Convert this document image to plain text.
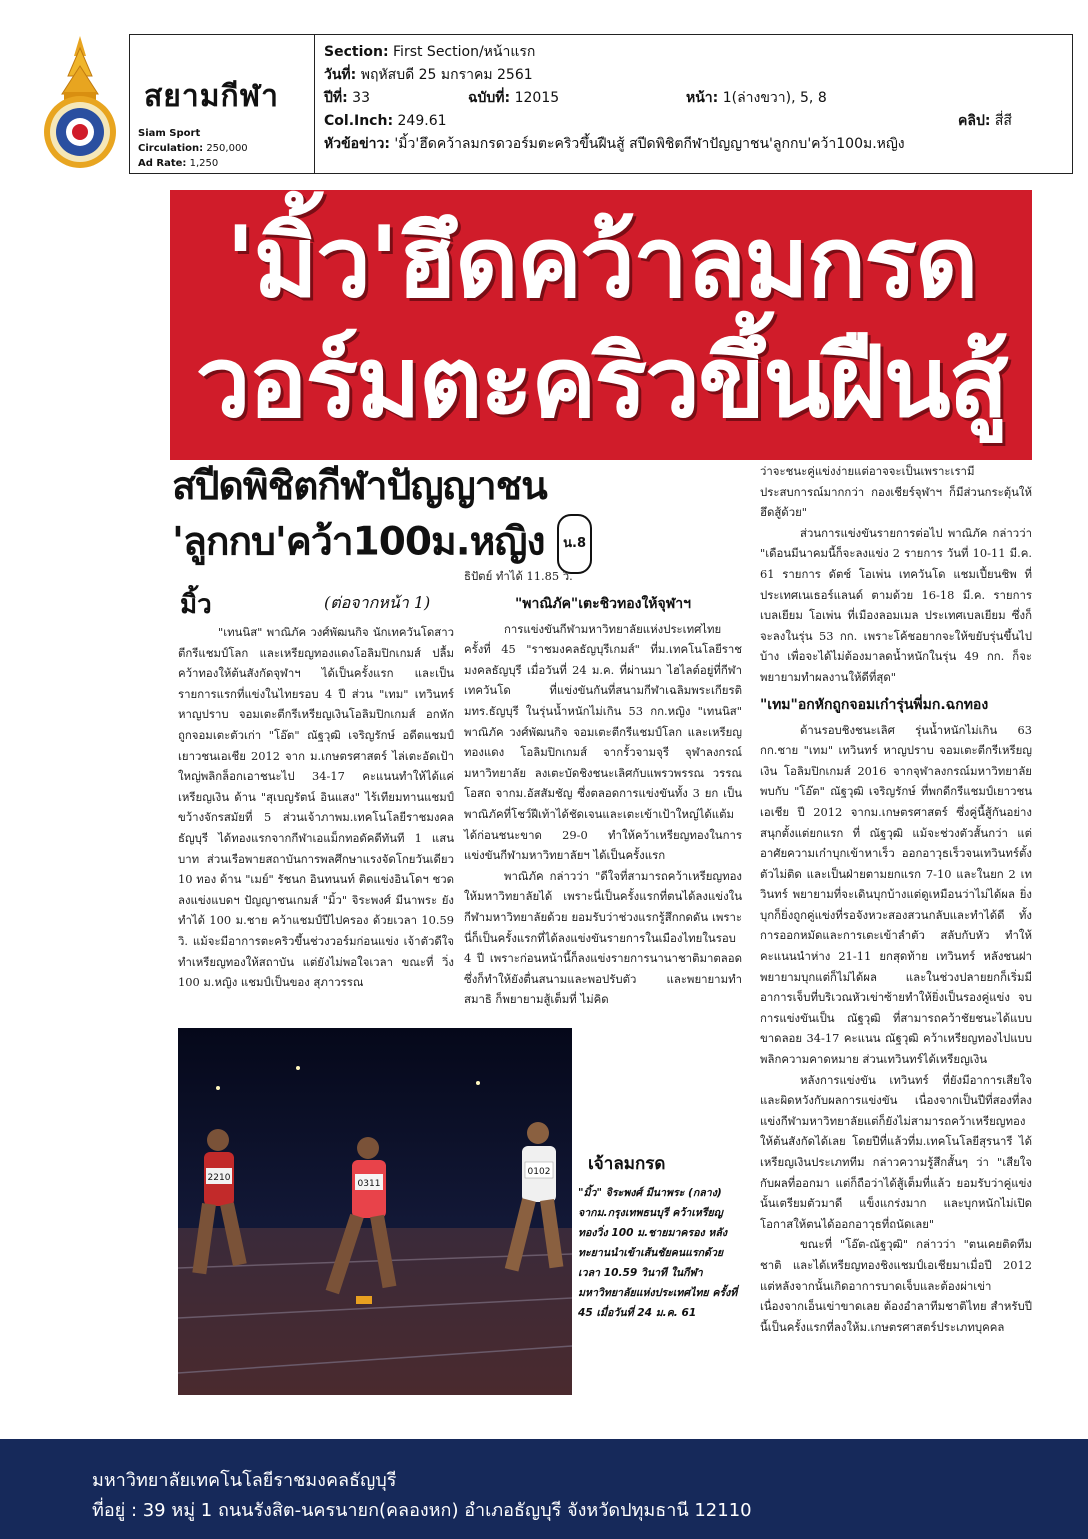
สยามกีฬา
Siam Sport
Circulation: 250,000
Ad Rate: 1,250
Section: First Section/หน้าแรก
วันที่: พฤหัสบดี 25 มกราคม 2561
ปีที่: 33	ฉบับที่: 12015	หน้า: 1(ล่างขวา), 5, 8
Col.Inch: 249.61	คลิป: สี่สี
หัวข้อข่าว: 'มิ้ว'ฮึดคว้าลมกรดวอร์มตะคริวขึ้นฝืนสู้ สปีดพิชิตกีฬาปัญญาชน'ลูกกบ'คว้า100ม.หญิง
'มิ้ว'ฮึดคว้าลมกรด
วอร์มตะคริวขึ้นฝืนสู้
สปีดพิชิตกีฬาปัญญาชน
'ลูกกบ'คว้า100ม.หญิง น.8
มิ้ว	(ต่อจากหน้า 1)

"เทนนิส" พาณิภัค วงศ์พัฒนกิจ นักเทควันโดสาวตีกรีแชมป์โลก และเหรียญทองแดงโอลิมปิกเกมส์ ปลื้มคว้าทองให้ต้นสังกัดจุฬาฯ ได้เป็นครั้งแรก และเป็นรายการแรกที่แข่งในไทยรอบ 4 ปี ส่วน "เทม" เทวินทร์ หาญปราบ จอมเตะตีกรีเหรียญเงินโอลิมปิกเกมส์ อกหักถูกจอมเตะตัวเก่า "โอ๊ต" ณัฐวุฒิ เจริญรักษ์ อดีตแชมป์เยาวชนเอเชีย 2012 จาก ม.เกษตรศาสตร์ ไล่เตะอัดเป้าใหญ่พลิกล็อกเอาชนะไป 34-17 คะแนนทำให้ได้แค่เหรียญเงิน ด้าน "สุเบญรัตน์ อินแสง" ไร้เทียมทานแชมป์ขว้างจักรสมัยที่ 5 ส่วนเจ้าภาพม.เทคโนโลยีราชมงคลธัญบุรี ได้ทองแรกจากกีฬาเอแม็กทอดัคดีทันที 1 แสนบาท ส่วนเรือพายสถาบันการพลศึกษาแรงจัดโกยวันเดียว 10 ทอง ด้าน "เมย์" รัชนก อินทนนท์ ติดแข่งอินโดฯ ชวดลงแข่งแบดฯ ปัญญาชนเกมส์ "มิ้ว" จิระพงศ์ มีนาพระ ยังทำได้ 100 ม.ชาย คว้าแชมป์ปีไปครอง ด้วยเวลา 10.59 วิ. แม้จะมีอาการตะคริวขึ้นช่วงวอร์มก่อนแข่ง เจ้าตัวดีใจทำเหรียญทองให้สถาบัน แต่ยังไม่พอใจเวลา ขณะที่ วิ่ง 100 ม.หญิง แชมป์เป็นของ สุภาวรรณ

ธิปัตย์ ทำได้ 11.85 วิ.

"พาณิภัค"เตะชิวทองให้จุฬาฯ

การแข่งขันกีฬามหาวิทยาลัยแห่งประเทศไทย ครั้งที่ 45 "ราชมงคลธัญบุรีเกมส์" ที่ม.เทคโนโลยีราชมงคลธัญบุรี เมื่อวันที่ 24 ม.ค. ที่ผ่านมา ไฮไลต์อยู่ที่กีฬาเทควันโด ที่แข่งขันกันที่สนามกีฬาเฉลิมพระเกียรติ มทร.ธัญบุรี ในรุ่นน้ำหนักไม่เกิน 53 กก.หญิง "เทนนิส" พาณิภัค วงศ์พัฒนกิจ จอมเตะตีกรีแชมป์โลก และเหรียญทองแดง โอลิมปิกเกมส์ จากรั้วจามจุรี จุฬาลงกรณ์มหาวิทยาลัย ลงเตะบัดชิงชนะเลิศกับแพรวพรรณ วรรณโอสถ จากม.อัสสัมชัญ ซึ่งตลอดการแข่งขันทั้ง 3 ยก เป็นพาณิภัคที่โชว์ฝีเท้าได้ชัดเจนและเตะเข้าเป้าใหญ่ได้แต้มได้ก่อนชนะขาด 29-0 ทำให้คว้าเหรียญทองในการแข่งขันกีฬามหาวิทยาลัยฯ ได้เป็นครั้งแรก

พาณิภัค กล่าวว่า "ดีใจที่สามารถคว้าเหรียญทองให้มหาวิทยาลัยได้ เพราะนี่เป็นครั้งแรกที่ตนได้ลงแข่งในกีฬามหาวิทยาลัยด้วย ยอมรับว่าช่วงแรกรู้สึกกดดัน เพราะนี่ก็เป็นครั้งแรกที่ได้ลงแข่งขันรายการในเมืองไทยในรอบ 4 ปี เพราะก่อนหน้านี้ก็ลงแข่งรายการนานาชาติมาตลอด ซึ่งก็ทำให้ยังตื่นสนามและพอปรับตัว และพยายามทำสมาธิ ก็พยายามสู้เต็มที่ ไม่คิด

ว่าจะชนะคู่แข่งง่ายแต่อาจจะเป็นเพราะเรามีประสบการณ์มากกว่า กองเชียร์จุฬาฯ ก็มีส่วนกระตุ้นให้ฮึดสู้ด้วย"

ส่วนการแข่งขันรายการต่อไป พาณิภัค กล่าวว่า "เดือนมีนาคมนี้ก็จะลงแข่ง 2 รายการ วันที่ 10-11 มี.ค. 61 รายการ ดัตช์ โอเพ่น เทควันโด แชมเปี้ยนชิพ ที่ประเทศเนเธอร์แลนด์ ตามด้วย 16-18 มี.ค. รายการ เบลเยียม โอเพ่น ที่เมืองลอมเมล ประเทศเบลเยียม ซึ่งก็จะลงในรุ่น 53 กก. เพราะโค้ชอยากจะให้ขยับรุ่นขึ้นไปบ้าง เพื่อจะได้ไม่ต้องมาลดน้ำหนักในรุ่น 49 กก. ก็จะพยายามทำผลงานให้ดีที่สุด"

"เทม"อกหักถูกจอมเก๋ารุ่นพี่มก.ฉกทอง

ด้านรอบชิงชนะเลิศ รุ่นน้ำหนักไม่เกิน 63 กก.ชาย "เทม" เทวินทร์ หาญปราบ จอมเตะตีกรีเหรียญเงิน โอลิมปิกเกมส์ 2016 จากจุฬาลงกรณ์มหาวิทยาลัย พบกับ "โอ๊ต" ณัฐวุฒิ เจริญรักษ์ ที่พกดีกรีแชมป์เยาวชนเอเชีย ปี 2012 จากม.เกษตรศาสตร์ ซึ่งคู่นี้สู้กันอย่างสนุกตั้งแต่ยกแรก ที่ ณัฐวุฒิ แม้จะช่วงตัวสั้นกว่า แต่อาศัยความเก๋าบุกเข้าหาเร็ว ออกอาวุธเร็วจนเทวินทร์ตั้งตัวไม่ติด และเป็นฝ่ายตามยกแรก 7-10 และในยก 2 เทวินทร์ พยายามที่จะเดินบุกบ้างแต่ดูเหมือนว่าไม่ได้ผล ยิ่งบุกก็ยิ่งถูกคู่แข่งที่รอจังหวะสองสวนกลับและทำได้ดี ทั้งการออกหมัดและการเตะเข้าลำตัว สลับกับหัว ทำให้คะแนนนำห่าง 21-11 ยกสุดท้าย เทวินทร์ หลังชนฝาพยายามบุกแต่ก็ไม่ได้ผล และในช่วงปลายยกก็เริ่มมีอาการเจ็บที่บริเวณหัวเข่าซ้ายทำให้ยิ่งเป็นรองคู่แข่ง จบการแข่งขันเป็น ณัฐวุฒิ ที่สามารถคว้าชัยชนะได้แบบขาดลอย 34-17 คะแนน ณัฐวุฒิ คว้าเหรียญทองไปแบบพลิกความคาดหมาย ส่วนเทวินทร์ได้เหรียญเงิน

หลังการแข่งขัน เทวินทร์ ที่ยังมีอาการเสียใจและผิดหวังกับผลการแข่งขัน เนื่องจากเป็นปีที่สองที่ลงแข่งกีฬามหาวิทยาลัยแต่ก็ยังไม่สามารถคว้าเหรียญทองให้ต้นสังกัดได้เลย โดยปีที่แล้วที่ม.เทคโนโลยีสุรนารี ได้เหรียญเงินประเภททีม กล่าวความรู้สึกสั้นๆ ว่า "เสียใจกับผลที่ออกมา แต่ก็ถือว่าได้สู้เต็มที่แล้ว ยอมรับว่าคู่แข่งนั้นเตรียมตัวมาดี แข็งแกร่งมาก และบุกหนักไม่เปิดโอกาสให้ตนได้ออกอาวุธที่ถนัดเลย"

ขณะที่ "โอ๊ต-ณัฐวุฒิ" กล่าวว่า "ตนเคยติดทีมชาติ และได้เหรียญทองชิงแชมป์เอเชียมาเมื่อปี 2012 แต่หลังจากนั้นเกิดอาการบาดเจ็บและต้องผ่าเข่าเนื่องจากเอ็นเข่าขาดเลย ต้องอำลาทีมชาติไทย สำหรับปีนี้เป็นครั้งแรกที่ลงให้ม.เกษตรศาสตร์ประเภทบุคคล

2210
0311
0102 เจ้าลมกรด
"มิ้ว" จิระพงศ์ มีนาพระ (กลาง) จากม.กรุงเทพธนบุรี คว้าเหรียญทองวิ่ง 100 ม.ชายมาครอง หลังทะยานนำเข้าเส้นชัยคนแรกด้วยเวลา 10.59 วินาที ในกีฬามหาวิทยาลัยแห่งประเทศไทย ครั้งที่ 45 เมื่อวันที่ 24 ม.ค. 61
มหาวิทยาลัยเทคโนโลยีราชมงคลธัญบุรี
ที่อยู่ : 39 หมู่ 1 ถนนรังสิต-นครนายก(คลองหก) อำเภอธัญบุรี จังหวัดปทุมธานี 12110
